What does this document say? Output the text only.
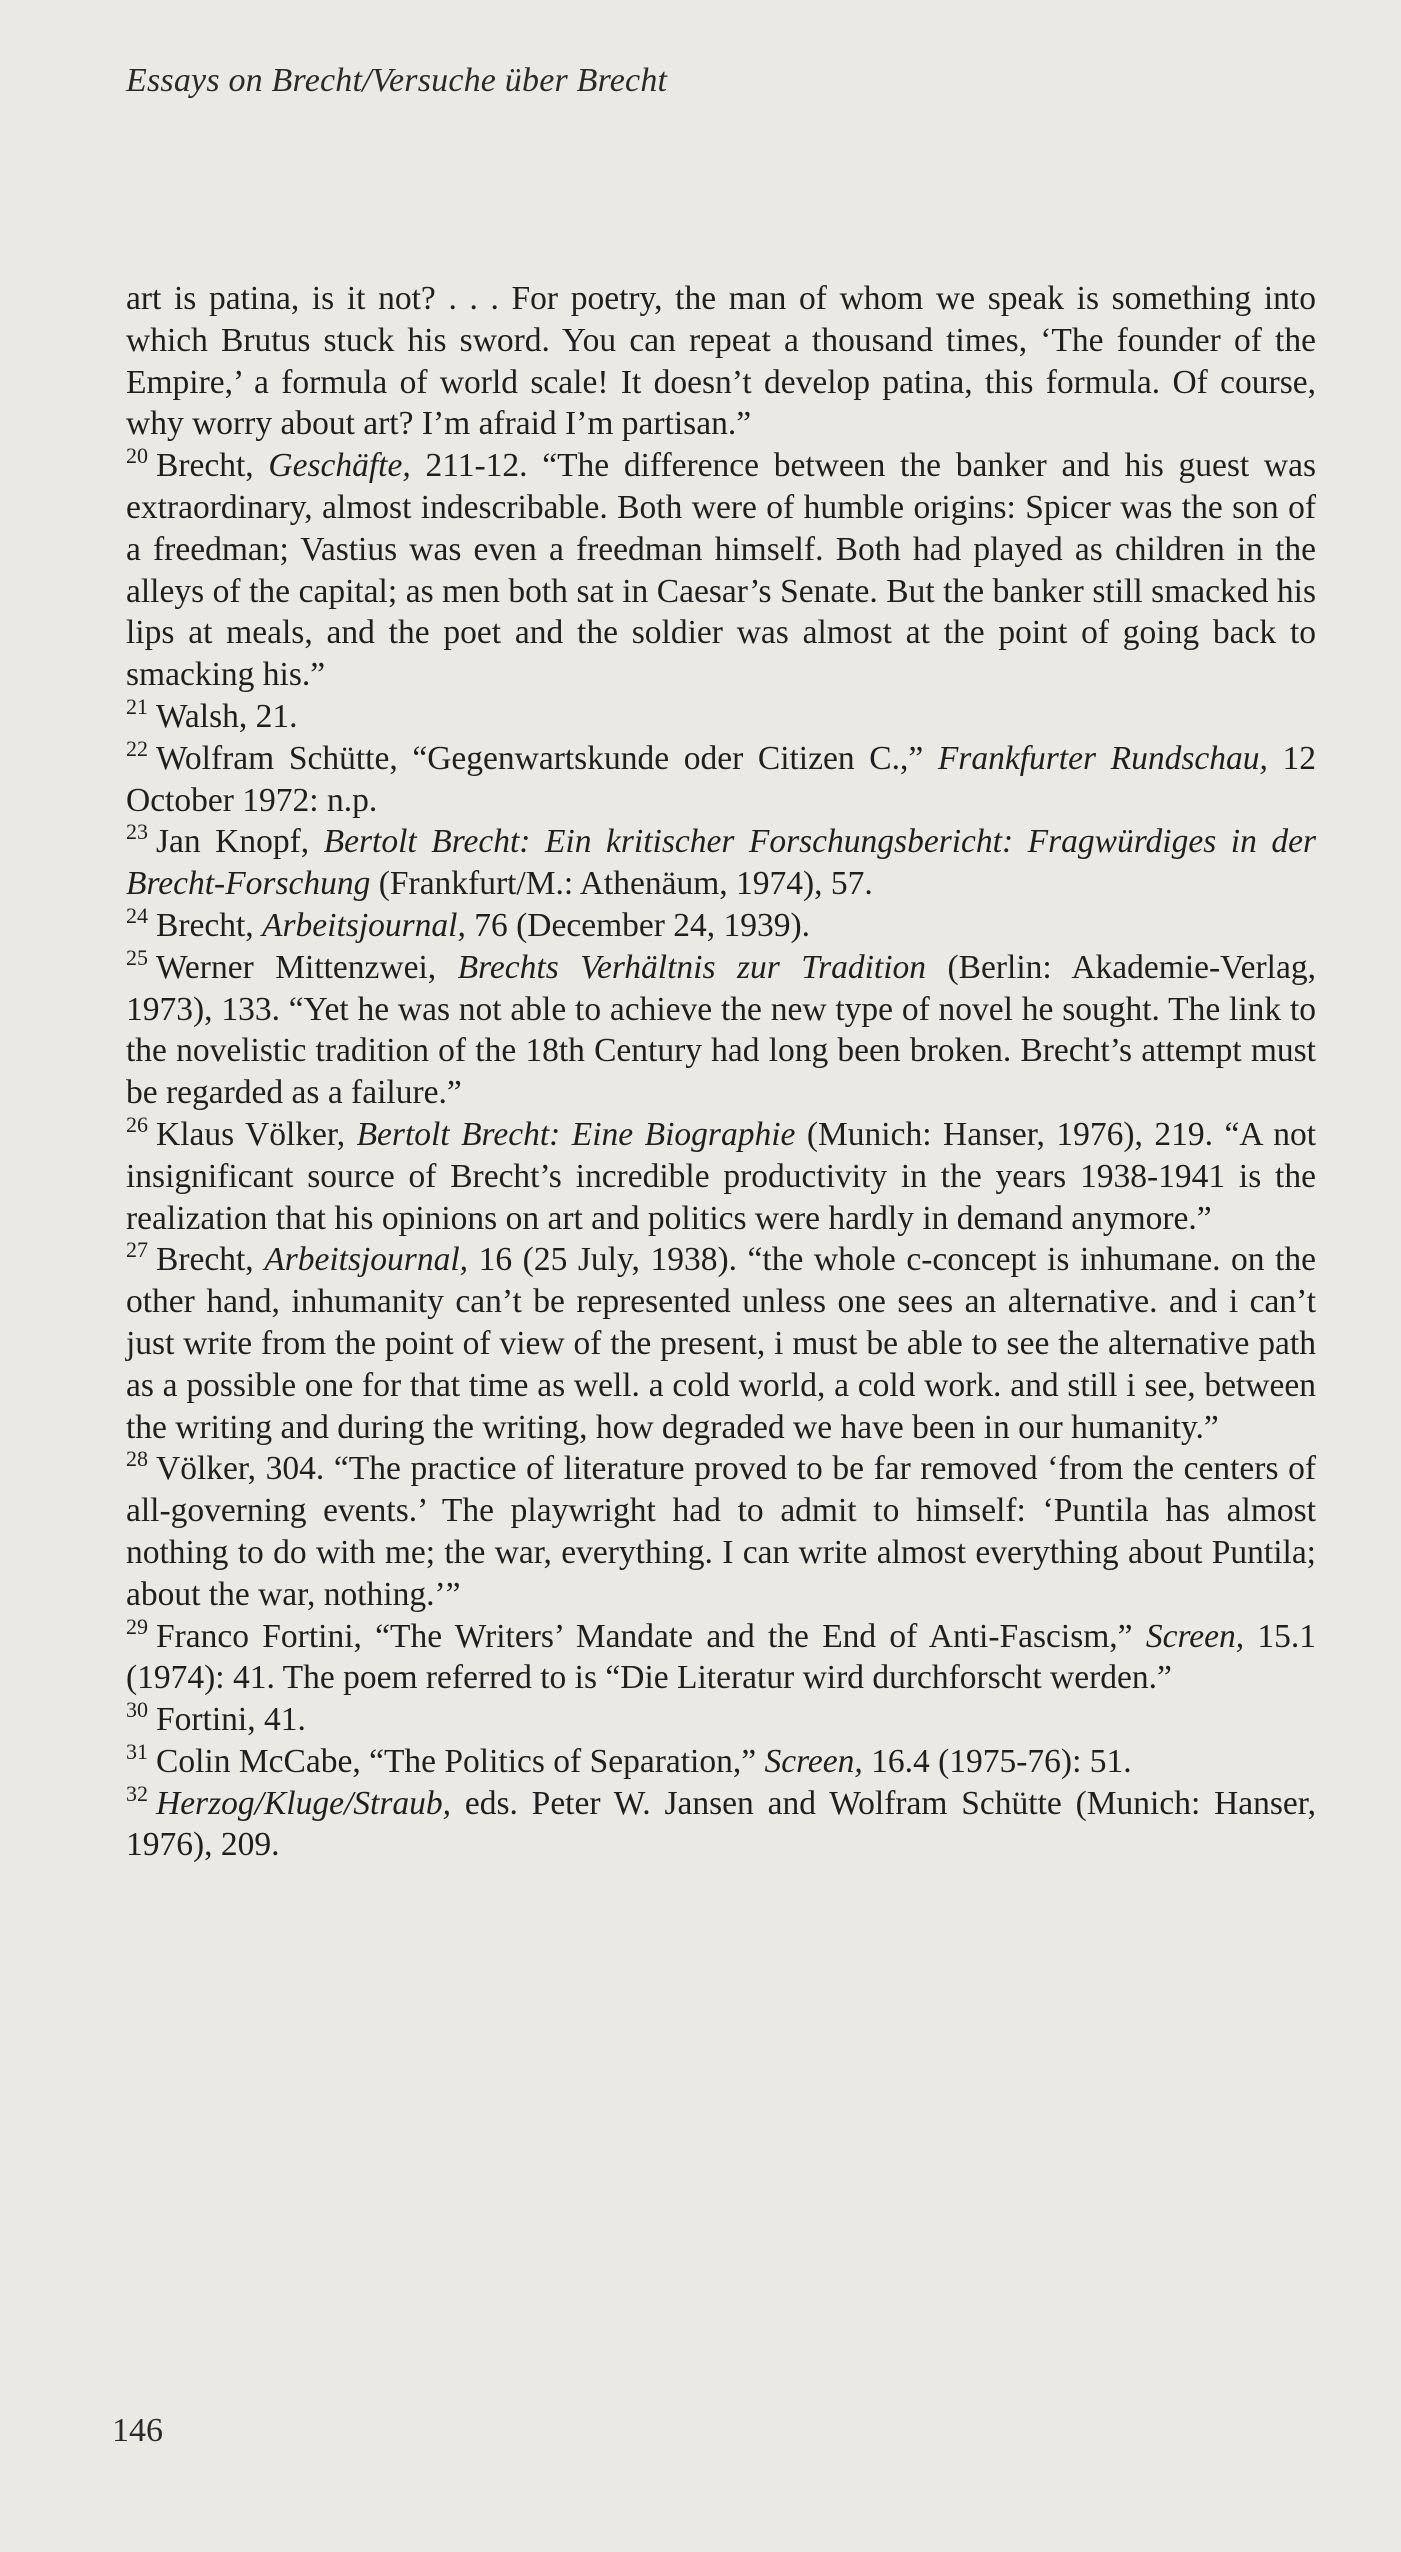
Essays on Brecht/Versuche über Brecht

art is patina, is it not? . . . For poetry, the man of whom we speak is something into which Brutus stuck his sword. You can repeat a thousand times, ‘The founder of the Empire,’ a formula of world scale! It doesn’t develop patina, this formula. Of course, why worry about art? I’m afraid I’m partisan.”

$^{20}$ Brecht, Geschäfte, 211-12. “The difference between the banker and his guest was extraordinary, almost indescribable. Both were of humble origins: Spicer was the son of a freedman; Vastius was even a freedman himself. Both had played as children in the alleys of the capital; as men both sat in Caesar’s Senate. But the banker still smacked his lips at meals, and the poet and the soldier was almost at the point of going back to smacking his.”

$^{21}$ Walsh, 21.

$^{22}$ Wolfram Schütte, “Gegenwartskunde oder Citizen C.,” Frankfurter Rundschau, 12 October 1972: n.p.

$^{23}$ Jan Knopf, Bertolt Brecht: Ein kritischer Forschungsbericht: Fragwürdiges in der Brecht-Forschung (Frankfurt/M.: Athenäum, 1974), 57.

$^{24}$ Brecht, Arbeitsjournal, 76 (December 24, 1939).

$^{25}$ Werner Mittenzwei, Brechts Verhältnis zur Tradition (Berlin: Akademie-Verlag, 1973), 133. “Yet he was not able to achieve the new type of novel he sought. The link to the novelistic tradition of the 18th Century had long been broken. Brecht’s attempt must be regarded as a failure.”

$^{26}$ Klaus Völker, Bertolt Brecht: Eine Biographie (Munich: Hanser, 1976), 219. “A not insignificant source of Brecht’s incredible productivity in the years 1938-1941 is the realization that his opinions on art and politics were hardly in demand anymore.”

$^{27}$ Brecht, Arbeitsjournal, 16 (25 July, 1938). “the whole c-concept is inhumane. on the other hand, inhumanity can’t be represented unless one sees an alternative. and i can’t just write from the point of view of the present, i must be able to see the alternative path as a possible one for that time as well. a cold world, a cold work. and still i see, between the writing and during the writing, how degraded we have been in our humanity.”

$^{28}$ Völker, 304. “The practice of literature proved to be far removed ‘from the centers of all-governing events.’ The playwright had to admit to himself: ‘Puntila has almost nothing to do with me; the war, everything. I can write almost everything about Puntila; about the war, nothing.’”

$^{29}$ Franco Fortini, “The Writers’ Mandate and the End of Anti-Fascism,” Screen, 15.1 (1974): 41. The poem referred to is “Die Literatur wird durchforscht werden.”

$^{30}$ Fortini, 41.

$^{31}$ Colin McCabe, “The Politics of Separation,” Screen, 16.4 (1975-76): 51.

$^{32}$ Herzog/Kluge/Straub, eds. Peter W. Jansen and Wolfram Schütte (Munich: Hanser, 1976), 209.

146
